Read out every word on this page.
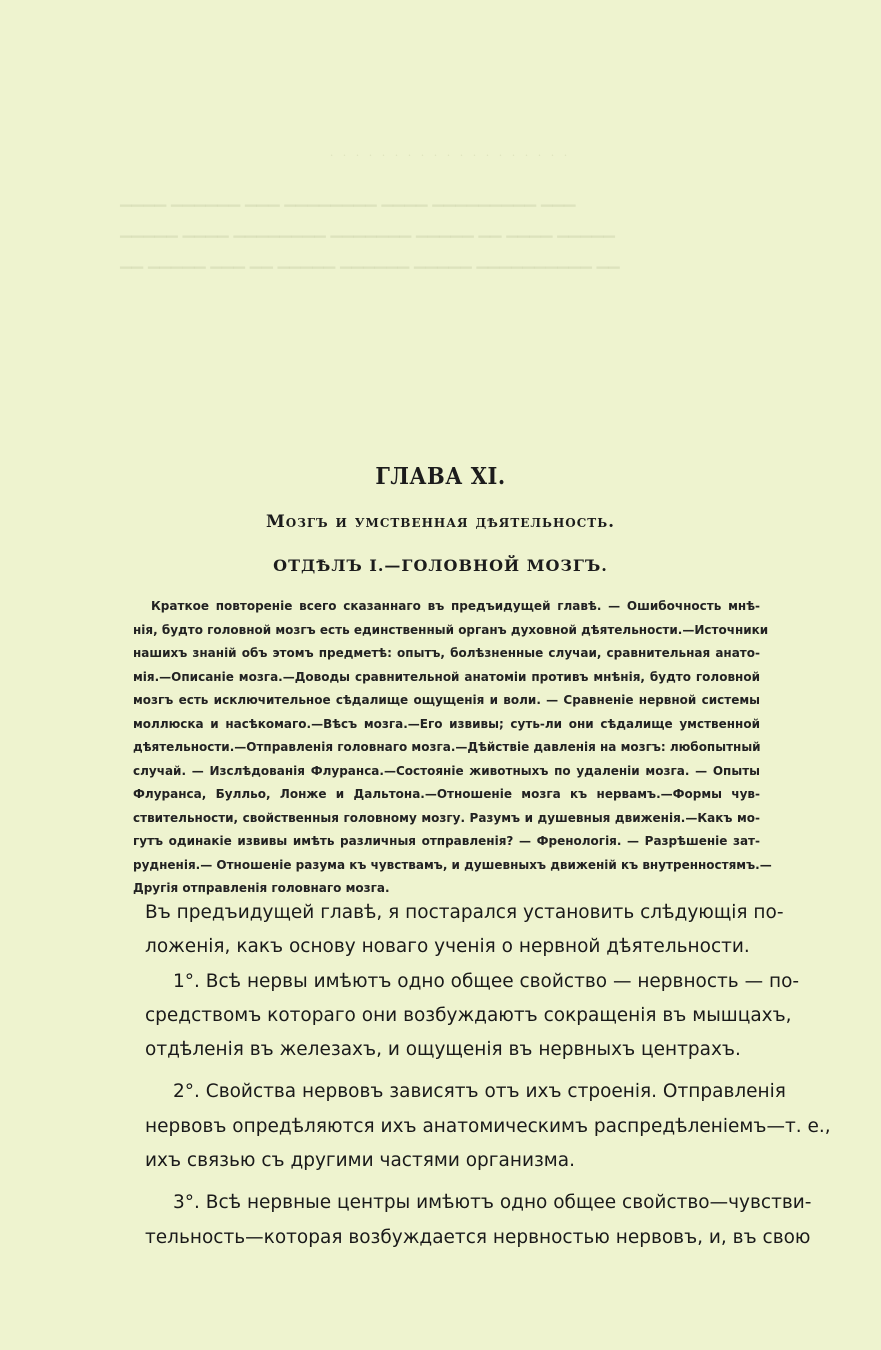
· · · · · · · · · · · · · · · · · · ·
▁▁▁▁ ▁▁▁▁▁▁ ▁▁▁ ▁▁▁▁▁▁▁▁ ▁▁▁▁ ▁▁▁▁▁▁▁▁▁ ▁▁▁
▁▁▁▁▁ ▁▁▁▁ ▁▁▁▁▁▁▁▁ ▁▁▁▁▁▁▁ ▁▁▁▁▁ ▁▁ ▁▁▁▁ ▁▁▁▁▁
▁▁ ▁▁▁▁▁ ▁▁▁ ▁▁ ▁▁▁▁▁ ▁▁▁▁▁▁ ▁▁▁▁▁ ▁▁▁▁▁▁▁▁▁▁ ▁▁
ГЛАВА XI.
Мозгъ и умственная дѣятельность.
ОТДѢЛЪ I.—ГОЛОВНОЙ МОЗГЪ.
Краткое повтореніе всего сказаннаго въ предъидущей главѣ. — Ошибочность мнѣ-
нія, будто головной мозгъ есть единственный органъ духовной дѣятельности.—Источники
нашихъ знаній объ этомъ предметѣ: опытъ, болѣзненные случаи, сравнительная анато-
мія.—Описаніе мозга.—Доводы сравнительной анатоміи противъ мнѣнія, будто головной
мозгъ есть исключительное сѣдалище ощущенія и воли. — Сравненіе нервной системы
моллюска и насѣкомаго.—Вѣсъ мозга.—Его извивы; суть-ли они сѣдалище умственной
дѣятельности.—Отправленія головнаго мозга.—Дѣйствіе давленія на мозгъ: любопытный
случай. — Изслѣдованія Флуранса.—Состояніе животныхъ по удаленіи мозга. — Опыты
Флуранса, Булльо, Лонже и Дальтона.—Отношеніе мозга къ нервамъ.—Формы чув-
ствительности, свойственныя головному мозгу. Разумъ и душевныя движенія.—Какъ мо-
гутъ одинакіе извивы имѣть различныя отправленія? — Френологія. — Разрѣшеніе зат-
рудненія.— Отношеніе разума къ чувствамъ, и душевныхъ движеній къ внутренностямъ.—
Другія отправленія головнаго мозга.
Въ предъидущей главѣ, я постарался установить слѣдующія по-
ложенія, какъ основу новаго ученія о нервной дѣятельности.
1°. Всѣ нервы имѣютъ одно общее свойство — нервность — по-
средствомъ котораго они возбуждаютъ сокращенія въ мышцахъ,
отдѣленія въ железахъ, и ощущенія въ нервныхъ центрахъ.
2°. Свойства нервовъ зависятъ отъ ихъ строенія. Отправленія
нервовъ опредѣляются ихъ анатомическимъ распредѣленіемъ—т. е.,
ихъ связью съ другими частями организма.
3°. Всѣ нервные центры имѣютъ одно общее свойство—чувстви-
тельность—которая возбуждается нервностью нервовъ, и, въ свою
